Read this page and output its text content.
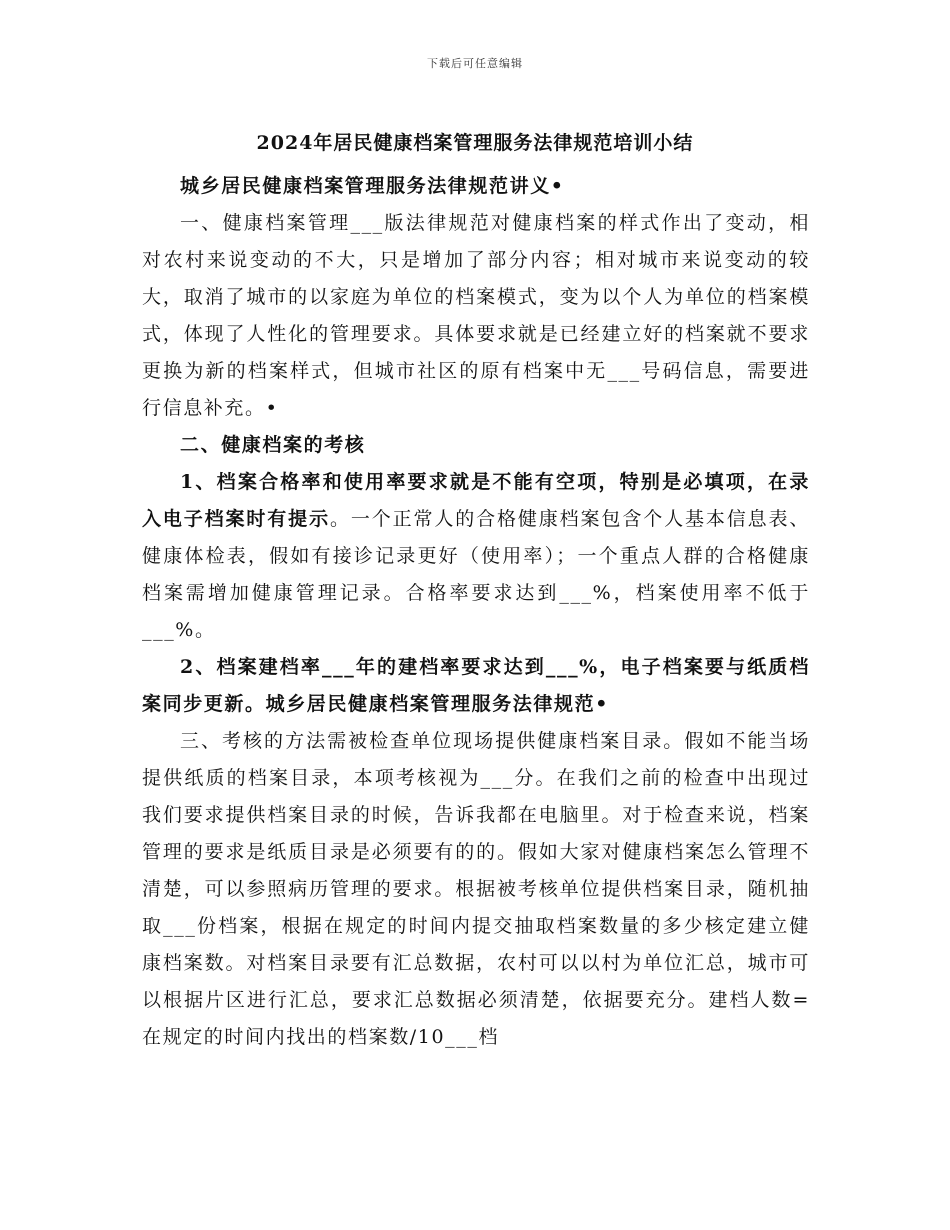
下载后可任意编辑
2024年居民健康档案管理服务法律规范培训小结

城乡居民健康档案管理服务法律规范讲义•

一、健康档案管理___版法律规范对健康档案的样式作出了变动，相对农村来说变动的不大，只是增加了部分内容；相对城市来说变动的较大，取消了城市的以家庭为单位的档案模式，变为以个人为单位的档案模式，体现了人性化的管理要求。具体要求就是已经建立好的档案就不要求更换为新的档案样式，但城市社区的原有档案中无___号码信息，需要进行信息补充。•

二、健康档案的考核

1、档案合格率和使用率要求就是不能有空项，特别是必填项，在录入电子档案时有提示。一个正常人的合格健康档案包含个人基本信息表、健康体检表，假如有接诊记录更好（使用率）；一个重点人群的合格健康档案需增加健康管理记录。合格率要求达到___%，档案使用率不低于___%。

2、档案建档率___年的建档率要求达到___%，电子档案要与纸质档案同步更新。城乡居民健康档案管理服务法律规范•

三、考核的方法需被检查单位现场提供健康档案目录。假如不能当场提供纸质的档案目录，本项考核视为___分。在我们之前的检查中出现过我们要求提供档案目录的时候，告诉我都在电脑里。对于检查来说，档案管理的要求是纸质目录是必须要有的的。假如大家对健康档案怎么管理不清楚，可以参照病历管理的要求。根据被考核单位提供档案目录，随机抽取___份档案，根据在规定的时间内提交抽取档案数量的多少核定建立健康档案数。对档案目录要有汇总数据，农村可以以村为单位汇总，城市可以根据片区进行汇总，要求汇总数据必须清楚，依据要充分。建档人数=在规定的时间内找出的档案数/10___档
